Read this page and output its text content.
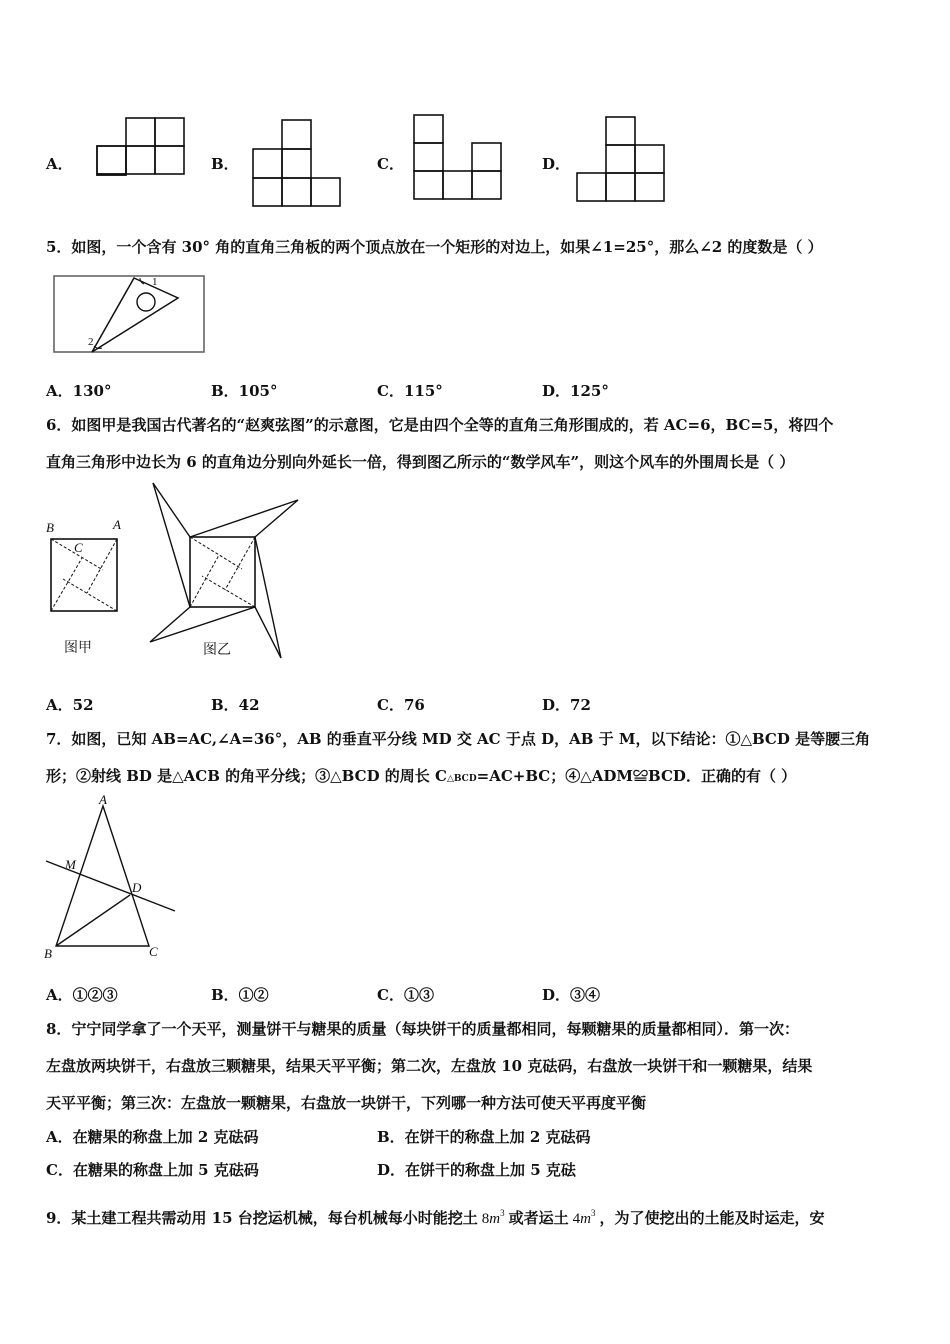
A．	B．	C．	D．
5．如图，一个含有 30° 角的直角三角板的两个顶点放在一个矩形的对边上，如果∠1=25°，那么∠2 的度数是（ ）
1
2
A．130°	B．105°	C．115°	D．125°
6．如图甲是我国古代著名的“赵爽弦图”的示意图，它是由四个全等的直角三角形围成的，若 AC=6，BC=5，将四个
直角三角形中边长为 6 的直角边分别向外延长一倍，得到图乙所示的“数学风车”，则这个风车的外围周长是（ ）
B	A
C
图甲	图乙
A．52	B．42	C．76	D．72
7．如图，已知 AB=AC,∠A=36°，AB 的垂直平分线 MD 交 AC 于点 D，AB 于 M，以下结论：①△BCD 是等腰三角
形；②射线 BD 是△ACB 的角平分线；③△BCD 的周长 C△BCD=AC+BC；④△ADM≌BCD．正确的有（ ）
A
M
D
B	C
A．①②③	B．①②	C．①③	D．③④
8．宁宁同学拿了一个天平，测量饼干与糖果的质量（每块饼干的质量都相同，每颗糖果的质量都相同）．第一次：
左盘放两块饼干，右盘放三颗糖果，结果天平平衡；第二次，左盘放 10 克砝码，右盘放一块饼干和一颗糖果，结果
天平平衡；第三次：左盘放一颗糖果，右盘放一块饼干，下列哪一种方法可使天平再度平衡
A．在糖果的称盘上加 2 克砝码	B．在饼干的称盘上加 2 克砝码
C．在糖果的称盘上加 5 克砝码	D．在饼干的称盘上加 5 克砝
9．某土建工程共需动用 15 台挖运机械，每台机械每小时能挖土 $8m^3$ 或者运土 $4m^3$ ，为了使挖出的土能及时运走，安
